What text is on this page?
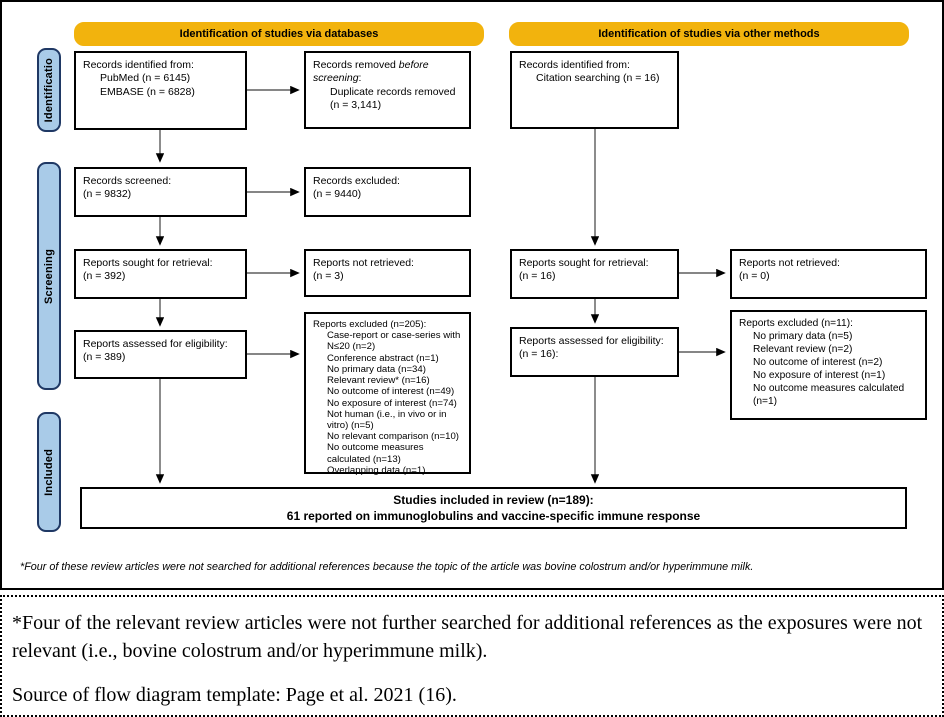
Identification of studies via databases	Identification of studies via other methods
Identificatio
Screening
Included
Records identified from:
PubMed (n = 6145)
EMBASE (n = 6828)
Records removed before screening:
Duplicate records removed
(n = 3,141)
Records screened:
(n = 9832)
Records excluded:
(n = 9440)
Reports sought for retrieval:
(n = 392)
Reports not retrieved:
(n = 3)
Reports assessed for eligibility:
(n = 389)
Reports excluded (n=205):
Case-report or case-series with N≤20 (n=2)
Conference abstract (n=1)
No primary data (n=34)
Relevant review* (n=16)
No outcome of interest (n=49)
No exposure of interest (n=74)
Not human (i.e., in vivo or in vitro) (n=5)
No relevant comparison (n=10)
No outcome measures calculated (n=13)
Overlapping data (n=1)
Records identified from:
Citation searching (n = 16)
Reports sought for retrieval:
(n = 16)
Reports not retrieved:
(n = 0)
Reports assessed for eligibility:
(n = 16):
Reports excluded (n=11):
No primary data (n=5)
Relevant review (n=2)
No outcome of interest (n=2)
No exposure of interest (n=1)
No outcome measures calculated (n=1)
Studies included in review (n=189):
61 reported on immunoglobulins and vaccine-specific immune response
*Four of these review articles were not searched for additional references because the topic of the article was bovine colostrum and/or hyperimmune milk.

*Four of the relevant review articles were not further searched for additional references as the exposures were not relevant (i.e., bovine colostrum and/or hyperimmune milk).

Source of flow diagram template: Page et al. 2021 (16).
